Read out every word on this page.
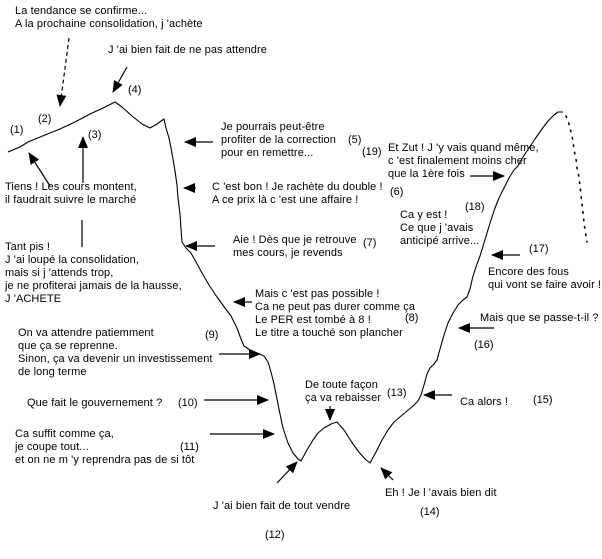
La tendance se confirme...
A la prochaine consolidation, j 'achète
J 'ai bien fait de ne pas attendre
Je pourrais peut-être
profiter de la correction
pour en remettre...
C 'est bon ! Je rachète du double !
A ce prix là c 'est une affaire !
Et Zut ! J 'y vais quand même,
c 'est finalement moins cher
que la 1ère fois
Ca y est !
Ce que j 'avais
anticipé arrive...
Aie ! Dès que je retrouve
mes cours, je revends
Mais c 'est pas possible !
Ca ne peut pas durer comme ça
Le PER est tombé à 8 !
Le titre a touché son plancher
On va attendre patiemment
que ça se reprenne.
Sinon, ça va devenir un investissement
de long terme
Que fait le gouvernement ?
Ca suffit comme ça,
je coupe tout...
et on ne m 'y reprendra pas de si tôt
Tiens ! Les cours montent,
il faudrait suivre le marché
Tant pis !
J 'ai loupé la consolidation,
mais si j 'attends trop,
je ne profiterai jamais de la hausse,
J 'ACHETE
J 'ai bien fait de tout vendre
De toute façon
ça va rebaisser
Eh ! Je l 'avais bien dit
Ca alors !
Mais que se passe-t-il ?
Encore des fous
qui vont se faire avoir !
(1)
(2)
(3)
(4)
(5)
(6)
(7)
(8)
(9)
(10)
(11)
(12)
(13)
(14)
(15)
(16)
(17)
(18)
(19)
